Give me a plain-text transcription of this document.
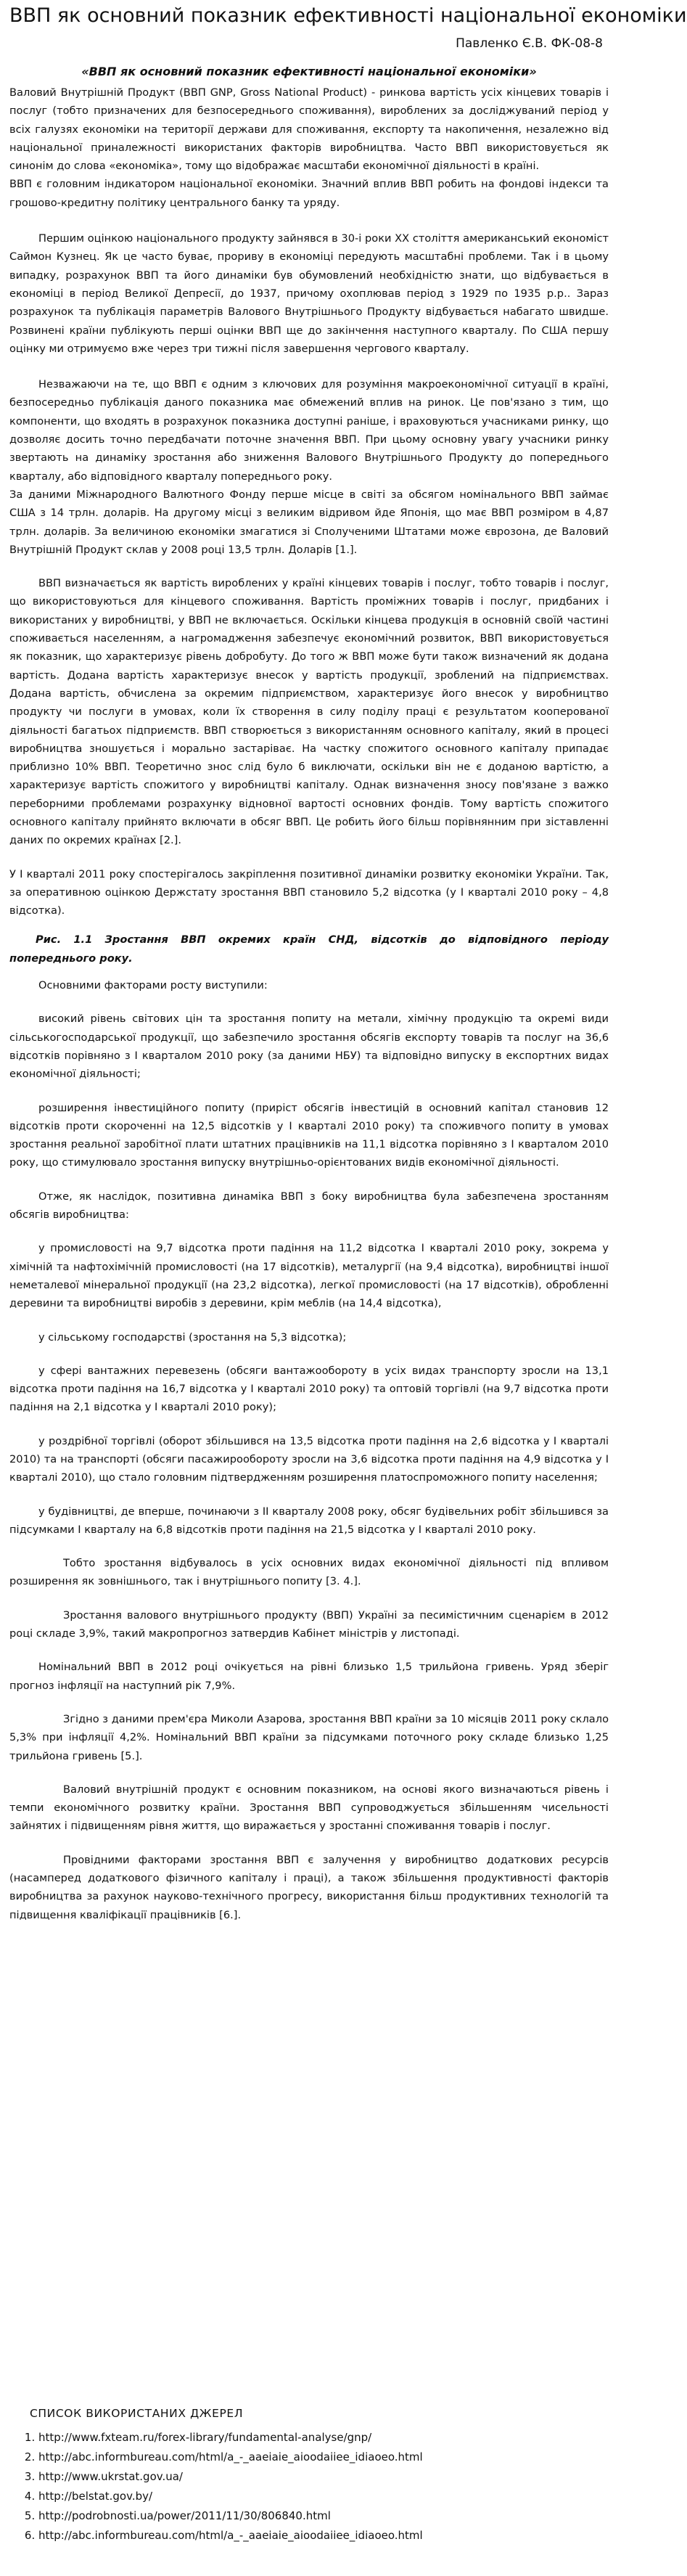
ВВП як основний показник ефективності національної економіки
Павленко Є.В. ФК-08-8
«ВВП як основний показник ефективності національної економіки»

Валовий Внутрішній Продукт (ВВП GNP, Gross National Product) - ринкова вартість усіх кінцевих товарів і послуг (тобто призначених для безпосереднього споживання), вироблених за досліджуваний період у всіх галузях економіки на території держави для споживання, експорту та накопичення, незалежно від національної приналежності використаних факторів виробництва. Часто ВВП використовується як синонім до слова «економіка», тому що відображає масштаби економічної діяльності в країні.

ВВП є головним індикатором національної економіки. Значний вплив ВВП робить на фондові індекси та грошово-кредитну політику центрального банку та уряду.

Першим оцінкою національного продукту зайнявся в 30-і роки XX століття американський економіст Саймон Кузнец. Як це часто буває, прориву в економіці передують масштабні проблеми. Так і в цьому випадку, розрахунок ВВП та його динаміки був обумовлений необхідністю знати, що відбувається в економіці в період Великої Депресії, до 1937, причому охоплював період з 1929 по 1935 р.р.. Зараз розрахунок та публікація параметрів Валового Внутрішнього Продукту відбувається набагато швидше. Розвинені країни публікують перші оцінки ВВП ще до закінчення наступного кварталу. По США першу оцінку ми отримуємо вже через три тижні після завершення чергового кварталу.

Незважаючи на те, що ВВП є одним з ключових для розуміння макроекономічної ситуації в країні, безпосередньо публікація даного показника має обмежений вплив на ринок. Це пов'язано з тим, що компоненти, що входять в розрахунок показника доступні раніше, і враховуються учасниками ринку, що дозволяє досить точно передбачати поточне значення ВВП. При цьому основну увагу учасники ринку звертають на динаміку зростання або зниження Валового Внутрішнього Продукту до попереднього кварталу, або відповідного кварталу попереднього року.

За даними Міжнародного Валютного Фонду перше місце в світі за обсягом номінального ВВП займає США з 14 трлн. доларів. На другому місці з великим відривом йде Японія, що має ВВП розміром в 4,87 трлн. доларів. За величиною економіки змагатися зі Сполученими Штатами може єврозона, де Валовий Внутрішній Продукт склав у 2008 році 13,5 трлн. Доларів [1.].

ВВП визначається як вартість вироблених у країні кінцевих товарів і послуг, тобто товарів і послуг, що використовуються для кінцевого споживання. Вартість проміжних товарів і послуг, придбаних і використаних у виробництві, у ВВП не включається. Оскільки кінцева продукція в основній своїй частині споживається населенням, а нагромадження забезпечує економічний розвиток, ВВП використовується як показник, що характеризує рівень добробуту. До того ж ВВП може бути також визначений як додана вартість. Додана вартість характеризує внесок у вартість продукції, зроблений на підприємствах. Додана вартість, обчислена за окремим підприємством, характеризує його внесок у виробництво продукту чи послуги в умовах, коли їх створення в силу поділу праці є результатом кооперованої діяльності багатьох підприємств. ВВП створюється з використанням основного капіталу, який в процесі виробництва зношується і морально застаріває. На частку спожитого основного капіталу припадає приблизно 10% ВВП. Теоретично знос слід було б виключати, оскільки він не є доданою вартістю, а характеризує вартість спожитого у виробництві капіталу. Однак визначення зносу пов'язане з важко переборними проблемами розрахунку відновної вартості основних фондів. Тому вартість спожитого основного капіталу прийнято включати в обсяг ВВП. Це робить його більш порівнянним при зіставленні даних по окремих країнах [2.].

У I кварталі 2011 року спостерігалось закріплення позитивної динаміки розвитку економіки України. Так, за оперативною оцінкою Держстату зростання ВВП становило 5,2 відсотка (у I кварталі 2010 року – 4,8 відсотка).

Рис. 1.1 Зростання ВВП окремих країн СНД, відсотків до відповідного періоду попереднього року.

Основними факторами росту виступили:

високий рівень світових цін та зростання попиту на метали, хімічну продукцію та окремі види сільськогосподарської продукції, що забезпечило зростання обсягів експорту товарів та послуг на 36,6 відсотків порівняно з I кварталом 2010 року (за даними НБУ) та відповідно випуску в експортних видах економічної діяльності;

розширення інвестиційного попиту (приріст обсягів інвестицій в основний капітал становив 12 відсотків проти скороченні на 12,5 відсотків у I кварталі 2010 року) та споживчого попиту в умовах зростання реальної заробітної плати штатних працівників на 11,1 відсотка порівняно з I кварталом 2010 року, що стимулювало зростання випуску внутрішньо-орієнтованих видів економічної діяльності.

Отже, як наслідок, позитивна динаміка ВВП з боку виробництва була забезпечена зростанням обсягів виробництва:

у промисловості на 9,7 відсотка проти падіння на 11,2 відсотка I кварталі 2010 року, зокрема у хімічній та нафтохімічній промисловості (на 17 відсотків), металургії (на 9,4 відсотка), виробництві іншої неметалевої мінеральної продукції (на 23,2 відсотка), легкої промисловості (на 17 відсотків), обробленні деревини та виробництві виробів з деревини, крім меблів (на 14,4 відсотка),

у сільському господарстві (зростання на 5,3 відсотка);

у сфері вантажних перевезень (обсяги вантажообороту в усіх видах транспорту зросли на 13,1 відсотка проти падіння на 16,7 відсотка у I кварталі 2010 року) та оптовій торгівлі (на 9,7 відсотка проти падіння на 2,1 відсотка у I кварталі 2010 року);

у роздрібної торгівлі (оборот збільшився на 13,5 відсотка проти падіння на 2,6 відсотка у I кварталі 2010) та на транспорті (обсяги пасажирообороту зросли на 3,6 відсотка проти падіння на 4,9 відсотка у I кварталі 2010), що стало головним підтвердженням розширення платоспроможного попиту населення;

у будівництві, де вперше, починаючи з II кварталу 2008 року, обсяг будівельних робіт збільшився за підсумками I кварталу на 6,8 відсотків проти падіння на 21,5 відсотка у I кварталі 2010 року.

Тобто зростання відбувалось в усіх основних видах економічної діяльності під впливом розширення як зовнішнього, так і внутрішнього попиту [3. 4.].

Зростання валового внутрішнього продукту (ВВП) Україні за песимістичним сценарієм в 2012 році складе 3,9%, такий макропрогноз затвердив Кабінет міністрів у листопаді.

Номінальний ВВП в 2012 році очікується на рівні близько 1,5 трильйона гривень. Уряд зберіг прогноз інфляції на наступний рік 7,9%.

Згідно з даними прем'єра Миколи Азарова, зростання ВВП країни за 10 місяців 2011 року склало 5,3% при інфляції 4,2%. Номінальний ВВП країни за підсумками поточного року складе близько 1,25 трильйона гривень [5.].

Валовий внутрішній продукт є основним показником, на основі якого визначаються рівень і темпи економічного розвитку країни. Зростання ВВП супроводжується збільшенням чисельності зайнятих і підвищенням рівня життя, що виражається у зростанні споживання товарів і послуг.

Провідними факторами зростання ВВП є залучення у виробництво додаткових ресурсів (насамперед додаткового фізичного капіталу і праці), а також збільшення продуктивності факторів виробництва за рахунок науково-технічного прогресу, використання більш продуктивних технологій та підвищення кваліфікації працівників [6.].

СПИСОК ВИКОРИСТАНИХ ДЖЕРЕЛ
1. http://www.fxteam.ru/forex-library/fundamental-analyse/gnp/
2. http://abc.informbureau.com/html/a_-_aaeiaie_aioodaiiee_idiaoeo.html
3. http://www.ukrstat.gov.ua/
4. http://belstat.gov.by/
5. http://podrobnosti.ua/power/2011/11/30/806840.html
6. http://abc.informbureau.com/html/a_-_aaeiaie_aioodaiiee_idiaoeo.html
